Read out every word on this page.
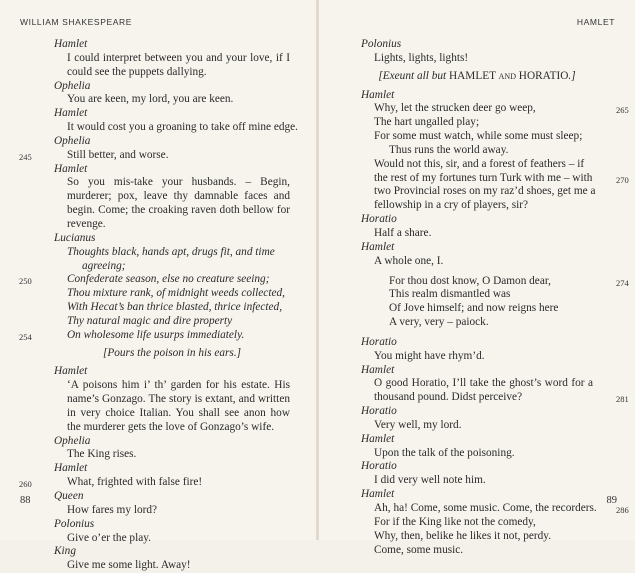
WILLIAM SHAKESPEARE
Hamlet
I could interpret between you and your love, if I could see the puppets dallying.
Ophelia
You are keen, my lord, you are keen.
Hamlet
It would cost you a groaning to take off mine edge.
Ophelia
245	Still better, and worse.
Hamlet
So you mis-take your husbands. – Begin, murderer; pox, leave thy damnable faces and begin. Come; the croaking raven doth bellow for revenge.
Lucianus
Thoughts black, hands apt, drugs fit, and time
agreeing;
250	Confederate season, else no creature seeing;
Thou mixture rank, of midnight weeds collected,
With Hecat’s ban thrice blasted, thrice infected,
Thy natural magic and dire property
254	On wholesome life usurps immediately.
[Pours the poison in his ears.]
Hamlet
‘A poisons him i’ th’ garden for his estate. His name’s Gonzago. The story is extant, and written in very choice Italian. You shall see anon how the murderer gets the love of Gonzago’s wife.
Ophelia
The King rises.
Hamlet
260	What, frighted with false fire!
Queen
How fares my lord?
Polonius
Give o’er the play.
King
Give me some light. Away!
88
HAMLET
Polonius
Lights, lights, lights!
[Exeunt all but HAMLET and HORATIO.]
Hamlet
265
Why, let the strucken deer go weep,
The hart ungalled play;
For some must watch, while some must sleep;
Thus runs the world away.
Would not this, sir, and a forest of feathers – if
270
the rest of my fortunes turn Turk with me – with
two Provincial roses on my raz’d shoes, get me a
fellowship in a cry of players, sir?
Horatio
Half a share.
Hamlet
A whole one, I.
274
For thou dost know, O Damon dear,
This realm dismantled was
Of Jove himself; and now reigns here
A very, very – paiock.
Horatio
You might have rhym’d.
Hamlet
281
O good Horatio, I’ll take the ghost’s word for a thousand pound. Didst perceive?
Horatio
Very well, my lord.
Hamlet
Upon the talk of the poisoning.
Horatio
I did very well note him.
Hamlet
286
Ah, ha! Come, some music. Come, the recorders.
For if the King like not the comedy,
Why, then, belike he likes it not, perdy.
Come, some music.
89
